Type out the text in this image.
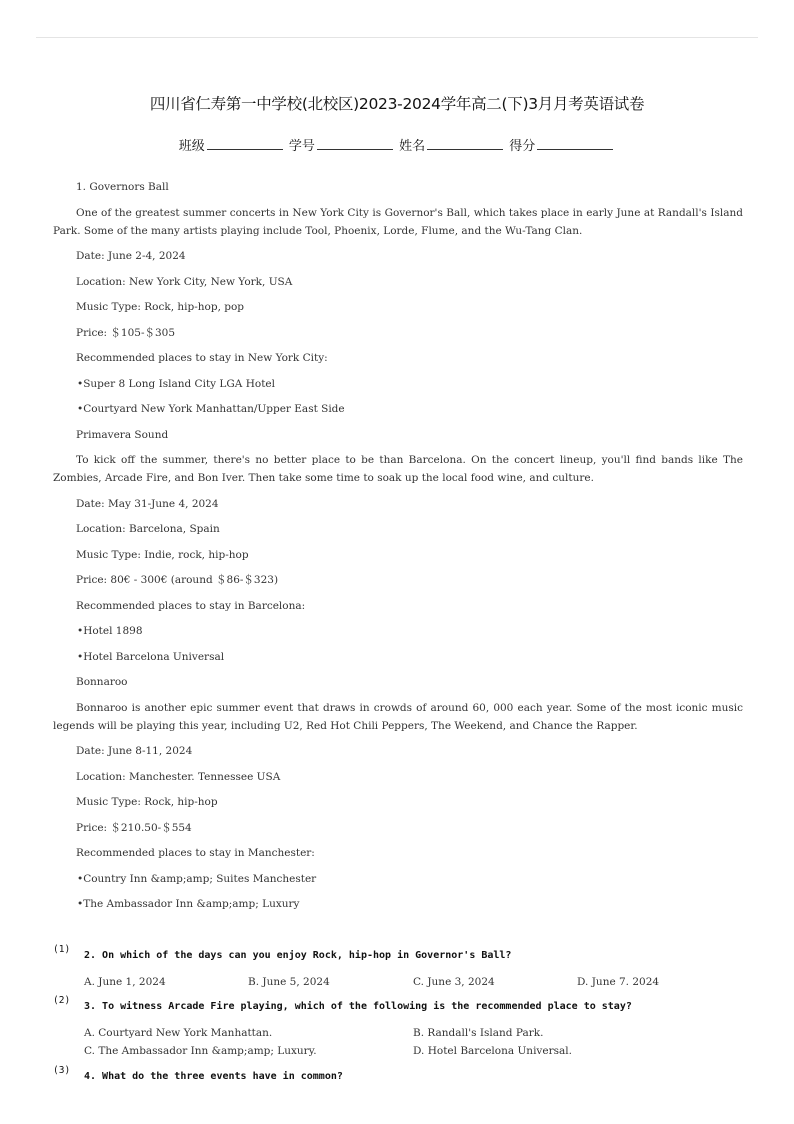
四川省仁寿第一中学校(北校区)2023-2024学年高二(下)3月月考英语试卷
班级	学号	姓名	得分
1. Governors Ball
One of the greatest summer concerts in New York City is Governor's Ball, which takes place in early June at Randall's Island Park. Some of the many artists playing include Tool, Phoenix, Lorde, Flume, and the Wu-Tang Clan.
Date: June 2-4, 2024
Location: New York City, New York, USA
Music Type: Rock, hip-hop, pop
Price: ＄105-＄305
Recommended places to stay in New York City:
•Super 8 Long Island City LGA Hotel
•Courtyard New York Manhattan/Upper East Side
Primavera Sound
To kick off the summer, there's no better place to be than Barcelona. On the concert lineup, you'll find bands like The Zombies, Arcade Fire, and Bon Iver. Then take some time to soak up the local food wine, and culture.
Date: May 31-June 4, 2024
Location: Barcelona, Spain
Music Type: Indie, rock, hip-hop
Price: 80€ - 300€ (around ＄86-＄323)
Recommended places to stay in Barcelona:
•Hotel 1898
•Hotel Barcelona Universal
Bonnaroo
Bonnaroo is another epic summer event that draws in crowds of around 60, 000 each year. Some of the most iconic music legends will be playing this year, including U2, Red Hot Chili Peppers, The Weekend, and Chance the Rapper.
Date: June 8-11, 2024
Location: Manchester. Tennessee USA
Music Type: Rock, hip-hop
Price: ＄210.50-＄554
Recommended places to stay in Manchester:
•Country Inn &amp;amp; Suites Manchester
•The Ambassador Inn &amp;amp; Luxury
(1)
2. On which of the days can you enjoy Rock, hip-hop in Governor's Ball?
A. June 1, 2024	B. June 5, 2024	C. June 3, 2024	D. June 7. 2024
(2)
3. To witness Arcade Fire playing, which of the following is the recommended place to stay?
A. Courtyard New York Manhattan.	B. Randall's Island Park.
C. The Ambassador Inn &amp;amp; Luxury.	D. Hotel Barcelona Universal.
(3)
4. What do the three events have in common?
